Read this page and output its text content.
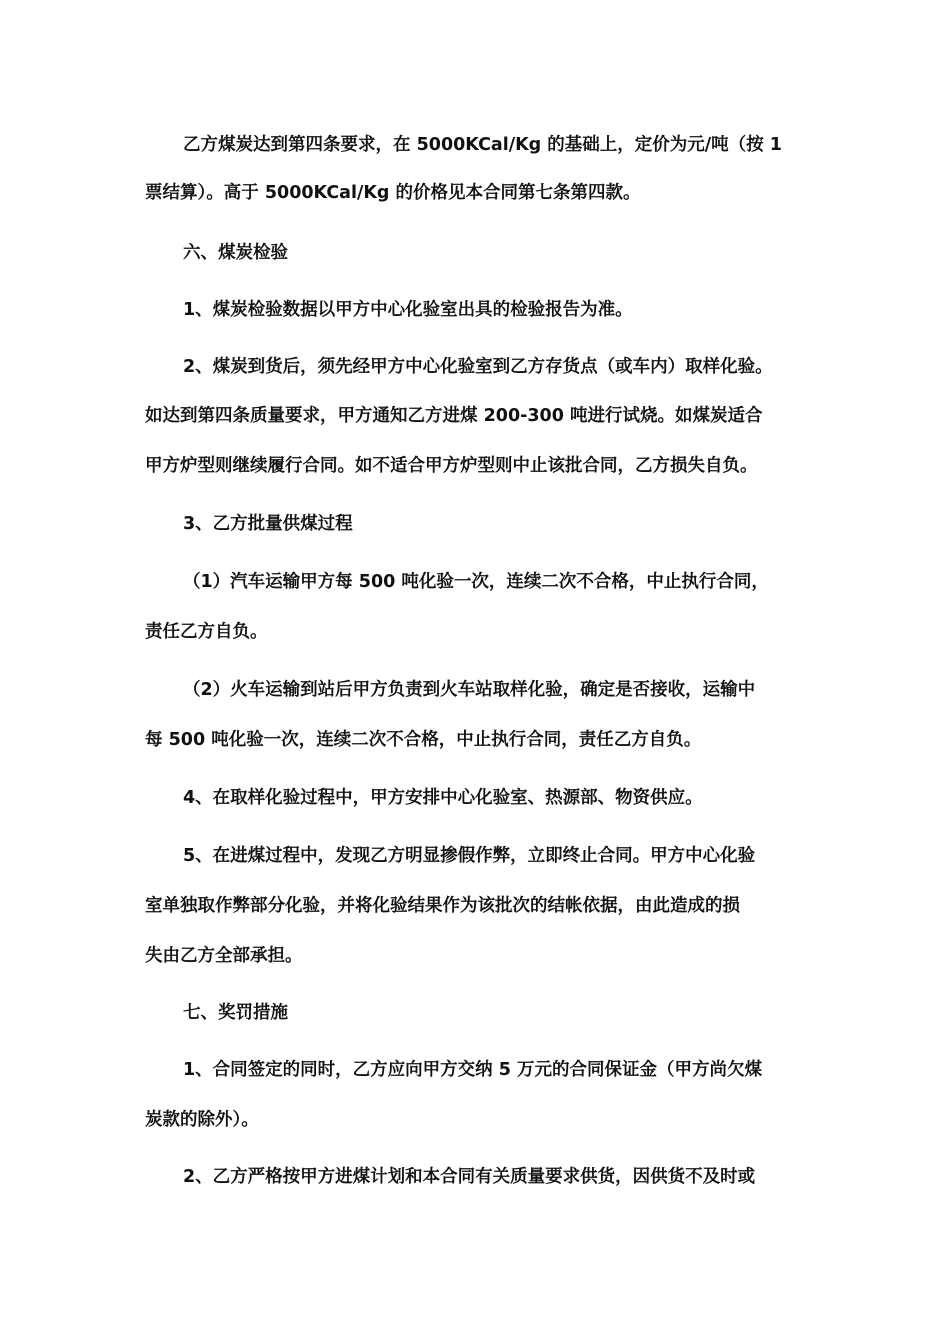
乙方煤炭达到第四条要求，在 5000KCal/Kg 的基础上，定价为元/吨（按 1
票结算）。高于 5000KCal/Kg 的价格见本合同第七条第四款。
六、煤炭检验
1、煤炭检验数据以甲方中心化验室出具的检验报告为准。
2、煤炭到货后，须先经甲方中心化验室到乙方存货点（或车内）取样化验。
如达到第四条质量要求，甲方通知乙方进煤 200-300 吨进行试烧。如煤炭适合
甲方炉型则继续履行合同。如不适合甲方炉型则中止该批合同，乙方损失自负。
3、乙方批量供煤过程
（1）汽车运输甲方每 500 吨化验一次，连续二次不合格，中止执行合同，
责任乙方自负。
（2）火车运输到站后甲方负责到火车站取样化验，确定是否接收，运输中
每 500 吨化验一次，连续二次不合格，中止执行合同，责任乙方自负。
4、在取样化验过程中，甲方安排中心化验室、热源部、物资供应。
5、在进煤过程中，发现乙方明显掺假作弊，立即终止合同。甲方中心化验
室单独取作弊部分化验，并将化验结果作为该批次的结帐依据，由此造成的损
失由乙方全部承担。
七、奖罚措施
1、合同签定的同时，乙方应向甲方交纳 5 万元的合同保证金（甲方尚欠煤
炭款的除外）。
2、乙方严格按甲方进煤计划和本合同有关质量要求供货，因供货不及时或
